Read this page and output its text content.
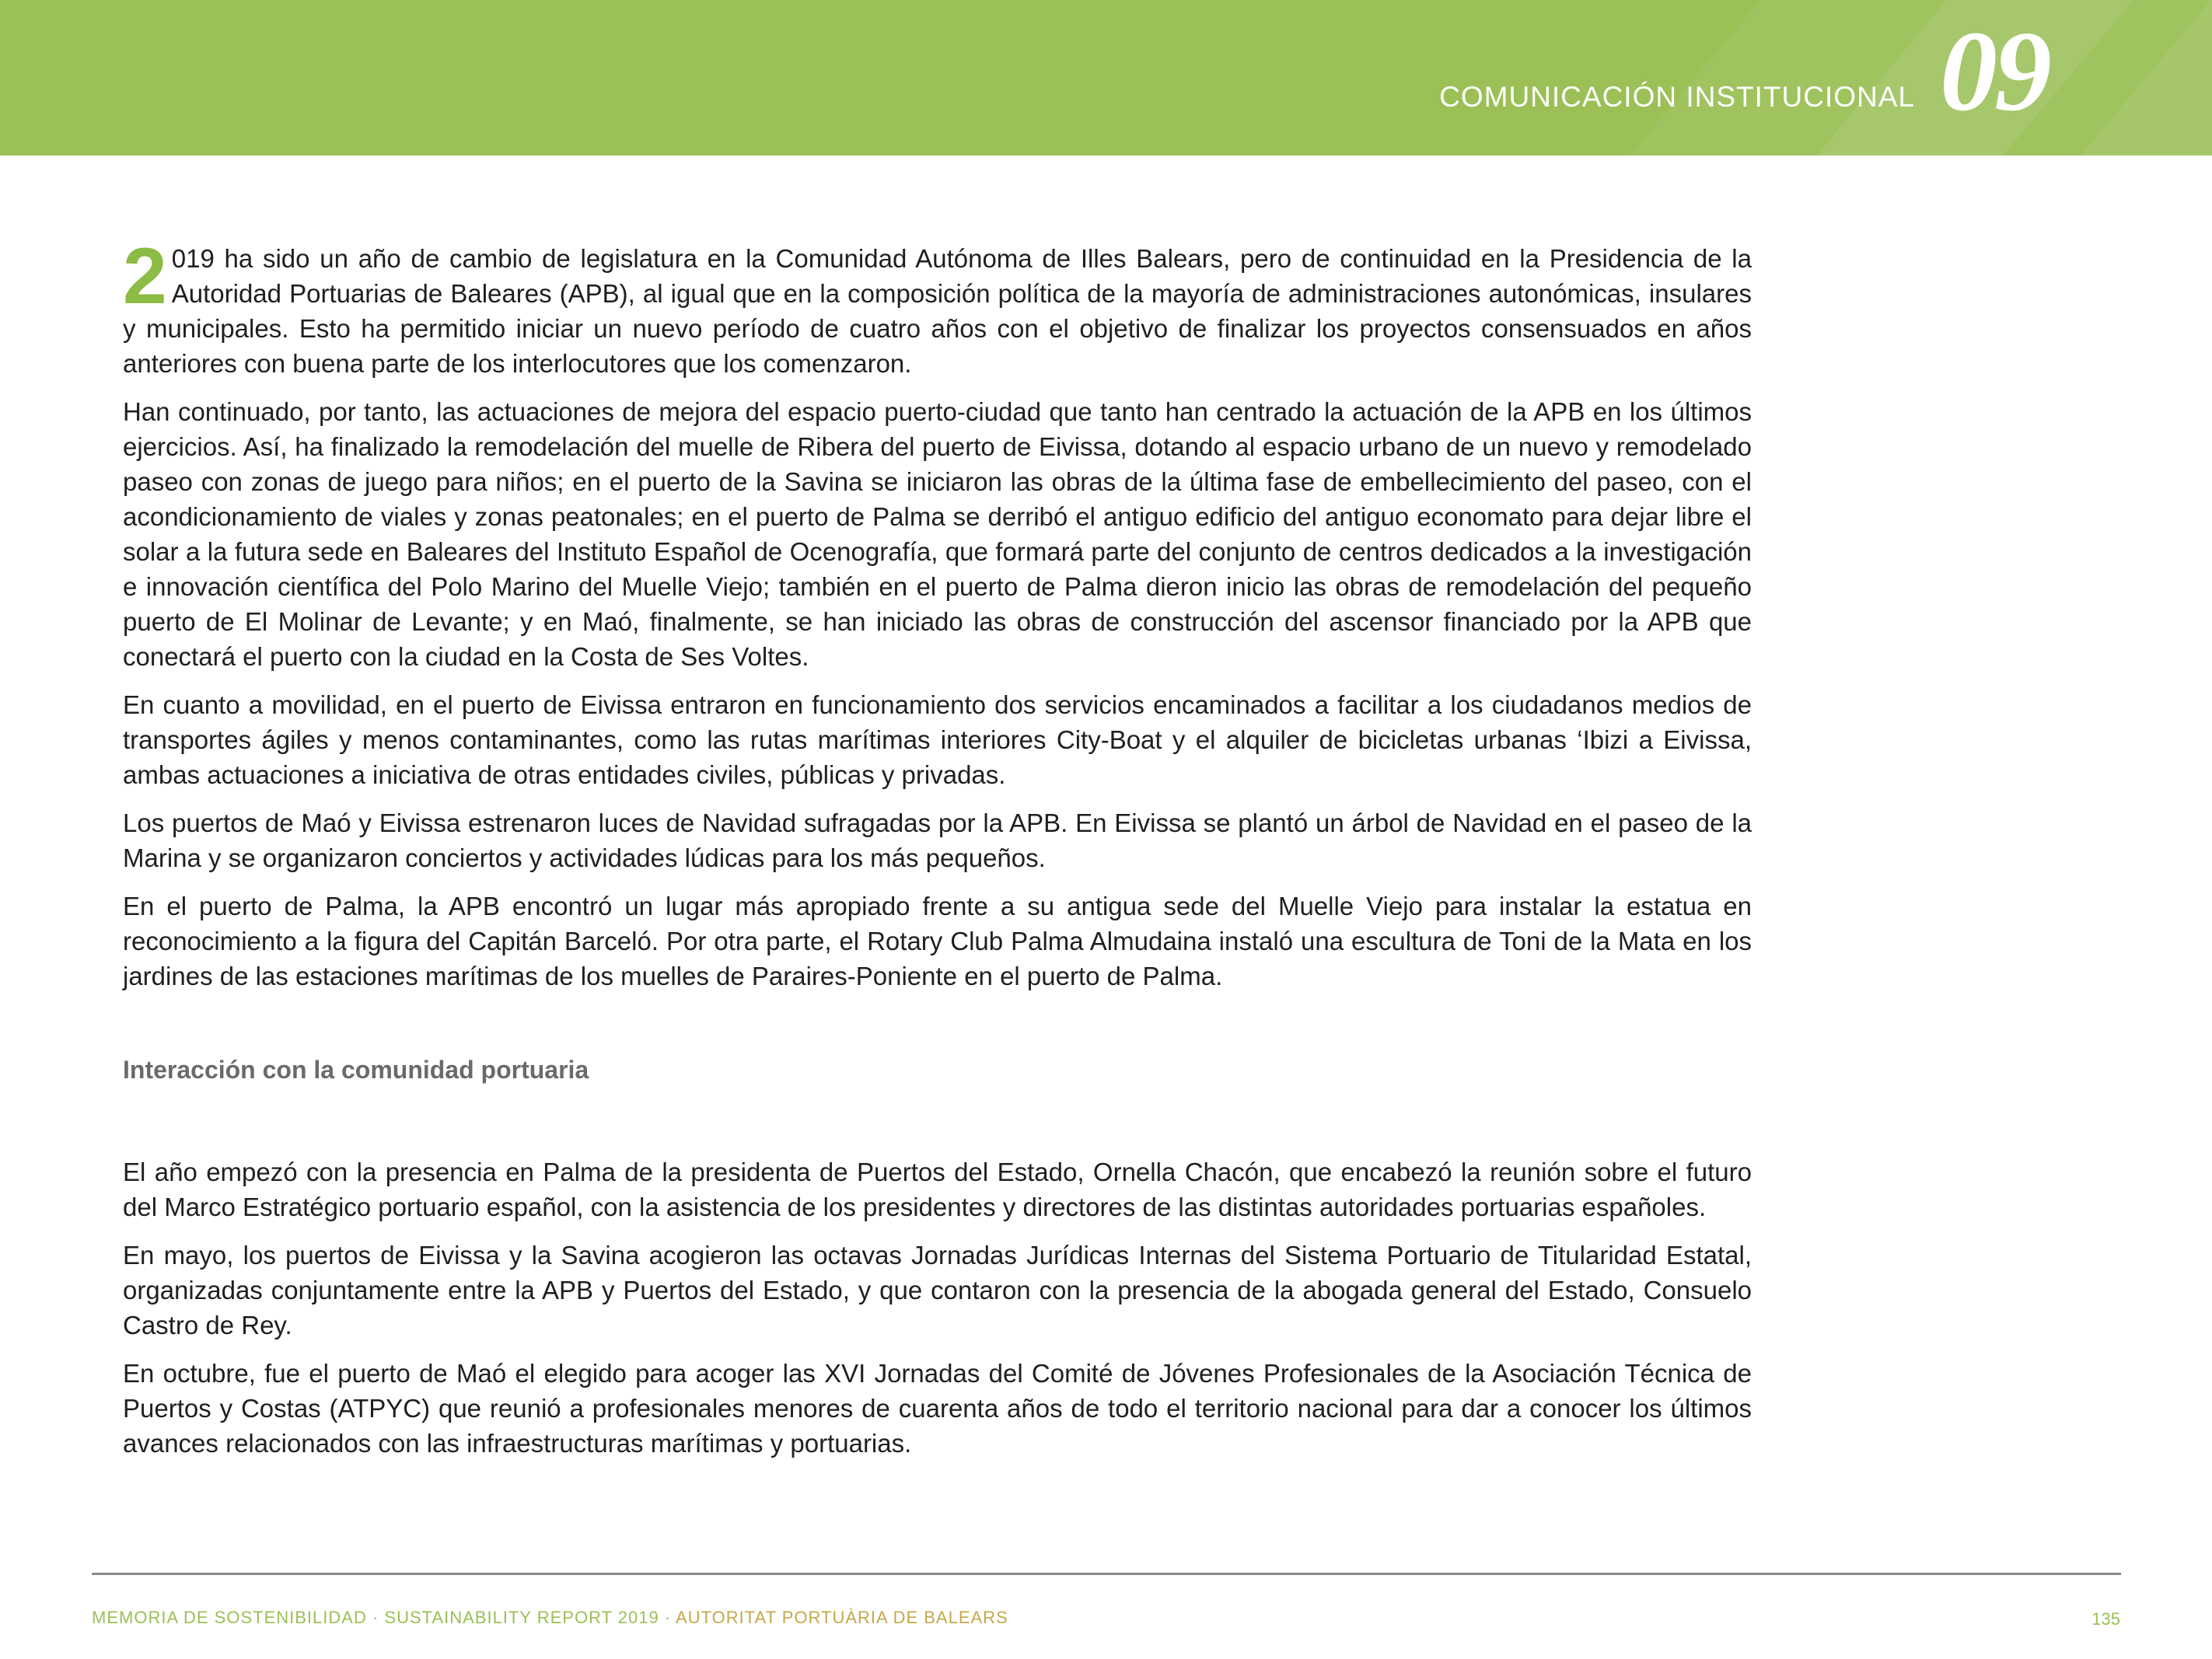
COMUNICACIÓN INSTITUCIONAL 09

2 019 ha sido un año de cambio de legislatura en la Comunidad Autónoma de Illes Balears, pero de continuidad en la Presidencia de la Autoridad Portuarias de Baleares (APB), al igual que en la composición política de la mayoría de administraciones autonómicas, insulares y municipales. Esto ha permitido iniciar un nuevo período de cuatro años con el objetivo de finalizar los proyectos consensuados en años anteriores con buena parte de los interlocutores que los comenzaron.

Han continuado, por tanto, las actuaciones de mejora del espacio puerto-ciudad que tanto han centrado la actuación de la APB en los últimos ejercicios. Así, ha finalizado la remodelación del muelle de Ribera del puerto de Eivissa, dotando al espacio urbano de un nuevo y remodelado paseo con zonas de juego para niños; en el puerto de la Savina se iniciaron las obras de la última fase de embellecimiento del paseo, con el acondicionamiento de viales y zonas peatonales; en el puerto de Palma se derribó el antiguo edificio del antiguo economato para dejar libre el solar a la futura sede en Baleares del Instituto Español de Ocenografía, que formará parte del conjunto de centros dedicados a la investigación e innovación científica del Polo Marino del Muelle Viejo; también en el puerto de Palma dieron inicio las obras de remodelación del pequeño puerto de El Molinar de Levante; y en Maó, finalmente, se han iniciado las obras de construcción del ascensor financiado por la APB que conectará el puerto con la ciudad en la Costa de Ses Voltes.

En cuanto a movilidad, en el puerto de Eivissa entraron en funcionamiento dos servicios encaminados a facilitar a los ciudadanos medios de transportes ágiles y menos contaminantes, como las rutas marítimas interiores City-Boat y el alquiler de bicicletas urbanas ‘Ibizi a Eivissa, ambas actuaciones a iniciativa de otras entidades civiles, públicas y privadas.

Los puertos de Maó y Eivissa estrenaron luces de Navidad sufragadas por la APB. En Eivissa se plantó un árbol de Navidad en el paseo de la Marina y se organizaron conciertos y actividades lúdicas para los más pequeños.

En el puerto de Palma, la APB encontró un lugar más apropiado frente a su antigua sede del Muelle Viejo para instalar la estatua en reconocimiento a la figura del Capitán Barceló. Por otra parte, el Rotary Club Palma Almudaina instaló una escultura de Toni de la Mata en los jardines de las estaciones marítimas de los muelles de Paraires-Poniente en el puerto de Palma.

Interacción con la comunidad portuaria

El año empezó con la presencia en Palma de la presidenta de Puertos del Estado, Ornella Chacón, que encabezó la reunión sobre el futuro del Marco Estratégico portuario español, con la asistencia de los presidentes y directores de las distintas autoridades portuarias españoles.

En mayo, los puertos de Eivissa y la Savina acogieron las octavas Jornadas Jurídicas Internas del Sistema Portuario de Titularidad Estatal, organizadas conjuntamente entre la APB y Puertos del Estado, y que contaron con la presencia de la abogada general del Estado, Consuelo Castro de Rey.

En octubre, fue el puerto de Maó el elegido para acoger las XVI Jornadas del Comité de Jóvenes Profesionales de la Asociación Técnica de Puertos y Costas (ATPYC) que reunió a profesionales menores de cuarenta años de todo el territorio nacional para dar a conocer los últimos avances relacionados con las infraestructuras marítimas y portuarias.

MEMORIA DE SOSTENIBILIDAD · SUSTAINABILITY REPORT 2019 · AUTORITAT PORTUÀRIA DE BALEARS	135
